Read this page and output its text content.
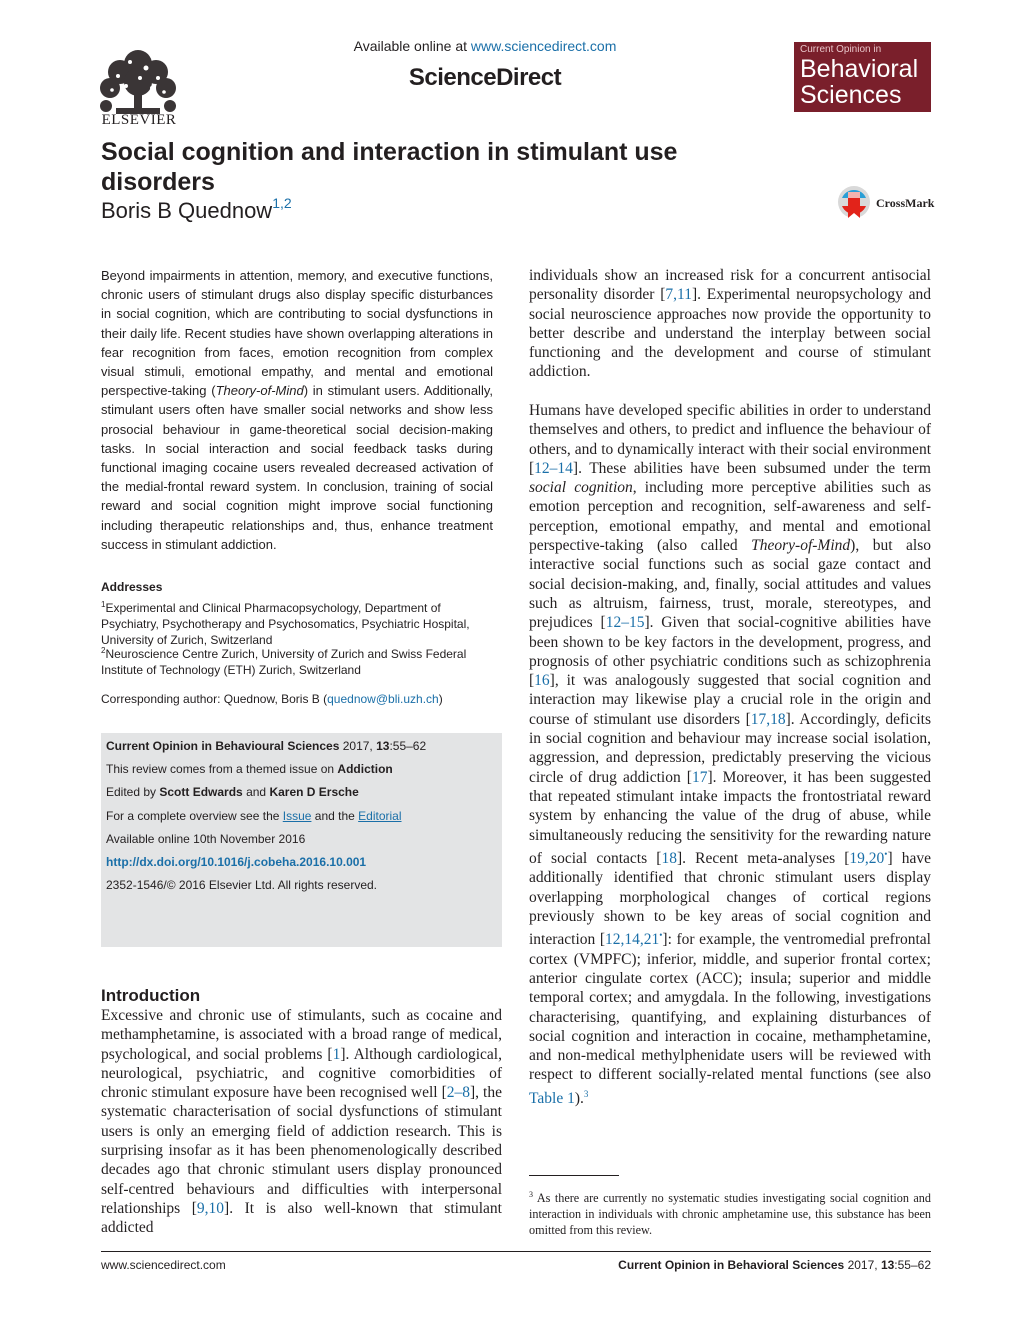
ELSEVIER
Available online at www.sciencedirect.com
ScienceDirect
Current Opinion in
Behavioral
Sciences
Social cognition and interaction in stimulant use disorders
Boris B Quednow$^{1,2}$	CrossMark
Beyond impairments in attention, memory, and executive functions, chronic users of stimulant drugs also display specific disturbances in social cognition, which are contributing to social dysfunctions in their daily life. Recent studies have shown overlapping alterations in fear recognition from faces, emotion recognition from complex visual stimuli, emotional empathy, and mental and emotional perspective-taking (Theory-of-Mind) in stimulant users. Additionally, stimulant users often have smaller social networks and show less prosocial behaviour in game-theoretical social decision-making tasks. In social interaction and social feedback tasks during functional imaging cocaine users revealed decreased activation of the medial-frontal reward system. In conclusion, training of social reward and social cognition might improve social functioning including therapeutic relationships and, thus, enhance treatment success in stimulant addiction.
Addresses
$^1$Experimental and Clinical Pharmacopsychology, Department of Psychiatry, Psychotherapy and Psychosomatics, Psychiatric Hospital, University of Zurich, Switzerland
$^2$Neuroscience Centre Zurich, University of Zurich and Swiss Federal Institute of Technology (ETH) Zurich, Switzerland
Corresponding author: Quednow, Boris B (quednow@bli.uzh.ch)
Current Opinion in Behavioural Sciences 2017, 13:55–62
This review comes from a themed issue on Addiction
Edited by Scott Edwards and Karen D Ersche
For a complete overview see the Issue and the Editorial
Available online 10th November 2016
http://dx.doi.org/10.1016/j.cobeha.2016.10.001
2352-1546/© 2016 Elsevier Ltd. All rights reserved.
Introduction
Excessive and chronic use of stimulants, such as cocaine and methamphetamine, is associated with a broad range of medical, psychological, and social problems [1]. Although cardiological, neurological, psychiatric, and cognitive comorbidities of chronic stimulant exposure have been recognised well [2–8], the systematic characterisation of social dysfunctions of stimulant users is only an emerging field of addiction research. This is surprising insofar as it has been phenomenologically described decades ago that chronic stimulant users display pronounced self-centred behaviours and difficulties with interpersonal relationships [9,10]. It is also well-known that stimulant addicted
individuals show an increased risk for a concurrent antisocial personality disorder [7,11]. Experimental neuropsychology and social neuroscience approaches now provide the opportunity to better describe and understand the interplay between social functioning and the development and course of stimulant addiction.
Humans have developed specific abilities in order to understand themselves and others, to predict and influence the behaviour of others, and to dynamically interact with their social environment [12–14]. These abilities have been subsumed under the term social cognition, including more perceptive abilities such as emotion perception and recognition, self-awareness and self-perception, emotional empathy, and mental and emotional perspective-taking (also called Theory-of-Mind), but also interactive social functions such as social gaze contact and social decision-making, and, finally, social attitudes and values such as altruism, fairness, trust, morale, stereotypes, and prejudices [12–15]. Given that social-cognitive abilities have been shown to be key factors in the development, progress, and prognosis of other psychiatric conditions such as schizophrenia [16], it was analogously suggested that social cognition and interaction may likewise play a crucial role in the origin and course of stimulant use disorders [17,18]. Accordingly, deficits in social cognition and behaviour may increase social isolation, aggression, and depression, predictably preserving the vicious circle of drug addiction [17]. Moreover, it has been suggested that repeated stimulant intake impacts the frontostriatal reward system by enhancing the value of the drug of abuse, while simultaneously reducing the sensitivity for the rewarding nature of social contacts [18]. Recent meta-analyses [19,20•] have additionally identified that chronic stimulant users display overlapping morphological changes of cortical regions previously shown to be key areas of social cognition and interaction [12,14,21•]: for example, the ventromedial prefrontal cortex (VMPFC); inferior, middle, and superior frontal cortex; anterior cingulate cortex (ACC); insula; superior and middle temporal cortex; and amygdala. In the following, investigations characterising, quantifying, and explaining disturbances of social cognition and interaction in cocaine, methamphetamine, and non-medical methylphenidate users will be reviewed with respect to different socially-related mental functions (see also Table 1).$^3$
$^3$ As there are currently no systematic studies investigating social cognition and interaction in individuals with chronic amphetamine use, this substance has been omitted from this review.
www.sciencedirect.com	Current Opinion in Behavioral Sciences 2017, 13:55–62
